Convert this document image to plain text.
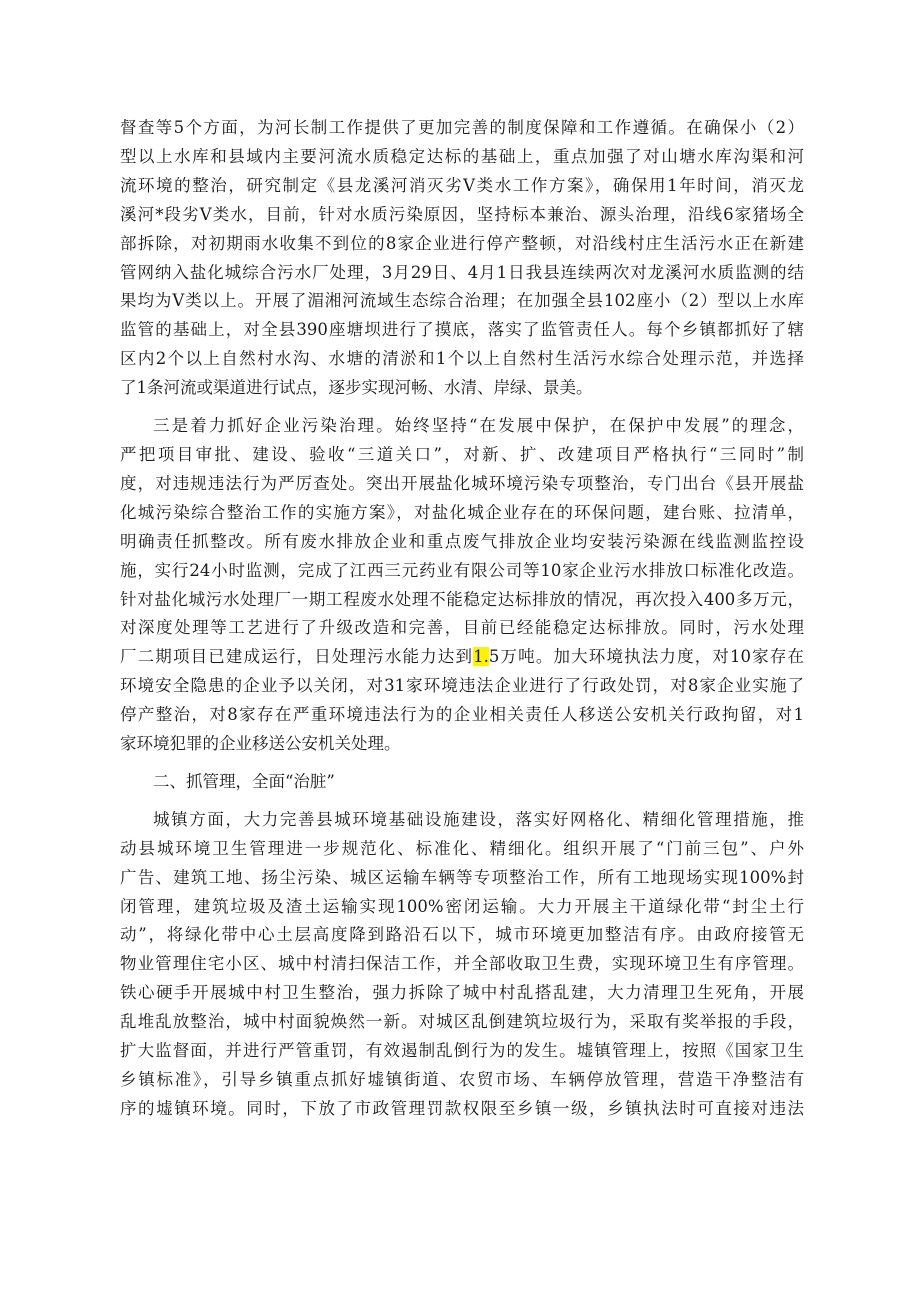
督查等5个方面，为河长制工作提供了更加完善的制度保障和工作遵循。在确保小（2）
型以上水库和县域内主要河流水质稳定达标的基础上，重点加强了对山塘水库沟渠和河
流环境的整治，研究制定《县龙溪河消灭劣V类水工作方案》，确保用1年时间，消灭龙
溪河*段劣V类水，目前，针对水质污染原因，坚持标本兼治、源头治理，沿线6家猪场全
部拆除，对初期雨水收集不到位的8家企业进行停产整顿，对沿线村庄生活污水正在新建
管网纳入盐化城综合污水厂处理，3月29日、4月1日我县连续两次对龙溪河水质监测的结
果均为V类以上。开展了湄湘河流域生态综合治理；在加强全县102座小（2）型以上水库
监管的基础上，对全县390座塘坝进行了摸底，落实了监管责任人。每个乡镇都抓好了辖
区内2个以上自然村水沟、水塘的清淤和1个以上自然村生活污水综合处理示范，并选择
了1条河流或渠道进行试点，逐步实现河畅、水清、岸绿、景美。
三是着力抓好企业污染治理。始终坚持“在发展中保护，在保护中发展”的理念，
严把项目审批、建设、验收“三道关口”，对新、扩、改建项目严格执行“三同时”制
度，对违规违法行为严厉查处。突出开展盐化城环境污染专项整治，专门出台《县开展盐
化城污染综合整治工作的实施方案》，对盐化城企业存在的环保问题，建台账、拉清单，
明确责任抓整改。所有废水排放企业和重点废气排放企业均安装污染源在线监测监控设
施，实行24小时监测，完成了江西三元药业有限公司等10家企业污水排放口标准化改造。
针对盐化城污水处理厂一期工程废水处理不能稳定达标排放的情况，再次投入400多万元，
对深度处理等工艺进行了升级改造和完善，目前已经能稳定达标排放。同时，污水处理
厂二期项目已建成运行，日处理污水能力达到1.5万吨。加大环境执法力度，对10家存在
环境安全隐患的企业予以关闭，对31家环境违法企业进行了行政处罚，对8家企业实施了
停产整治，对8家存在严重环境违法行为的企业相关责任人移送公安机关行政拘留，对1
家环境犯罪的企业移送公安机关处理。
二、抓管理，全面“治脏”
城镇方面，大力完善县城环境基础设施建设，落实好网格化、精细化管理措施，推
动县城环境卫生管理进一步规范化、标准化、精细化。组织开展了“门前三包”、户外
广告、建筑工地、扬尘污染、城区运输车辆等专项整治工作，所有工地现场实现100%封
闭管理，建筑垃圾及渣土运输实现100%密闭运输。大力开展主干道绿化带“封尘土行
动”，将绿化带中心土层高度降到路沿石以下，城市环境更加整洁有序。由政府接管无
物业管理住宅小区、城中村清扫保洁工作，并全部收取卫生费，实现环境卫生有序管理。
铁心硬手开展城中村卫生整治，强力拆除了城中村乱搭乱建，大力清理卫生死角，开展
乱堆乱放整治，城中村面貌焕然一新。对城区乱倒建筑垃圾行为，采取有奖举报的手段，
扩大监督面，并进行严管重罚，有效遏制乱倒行为的发生。墟镇管理上，按照《国家卫生
乡镇标准》，引导乡镇重点抓好墟镇街道、农贸市场、车辆停放管理，营造干净整洁有
序的墟镇环境。同时，下放了市政管理罚款权限至乡镇一级，乡镇执法时可直接对违法
